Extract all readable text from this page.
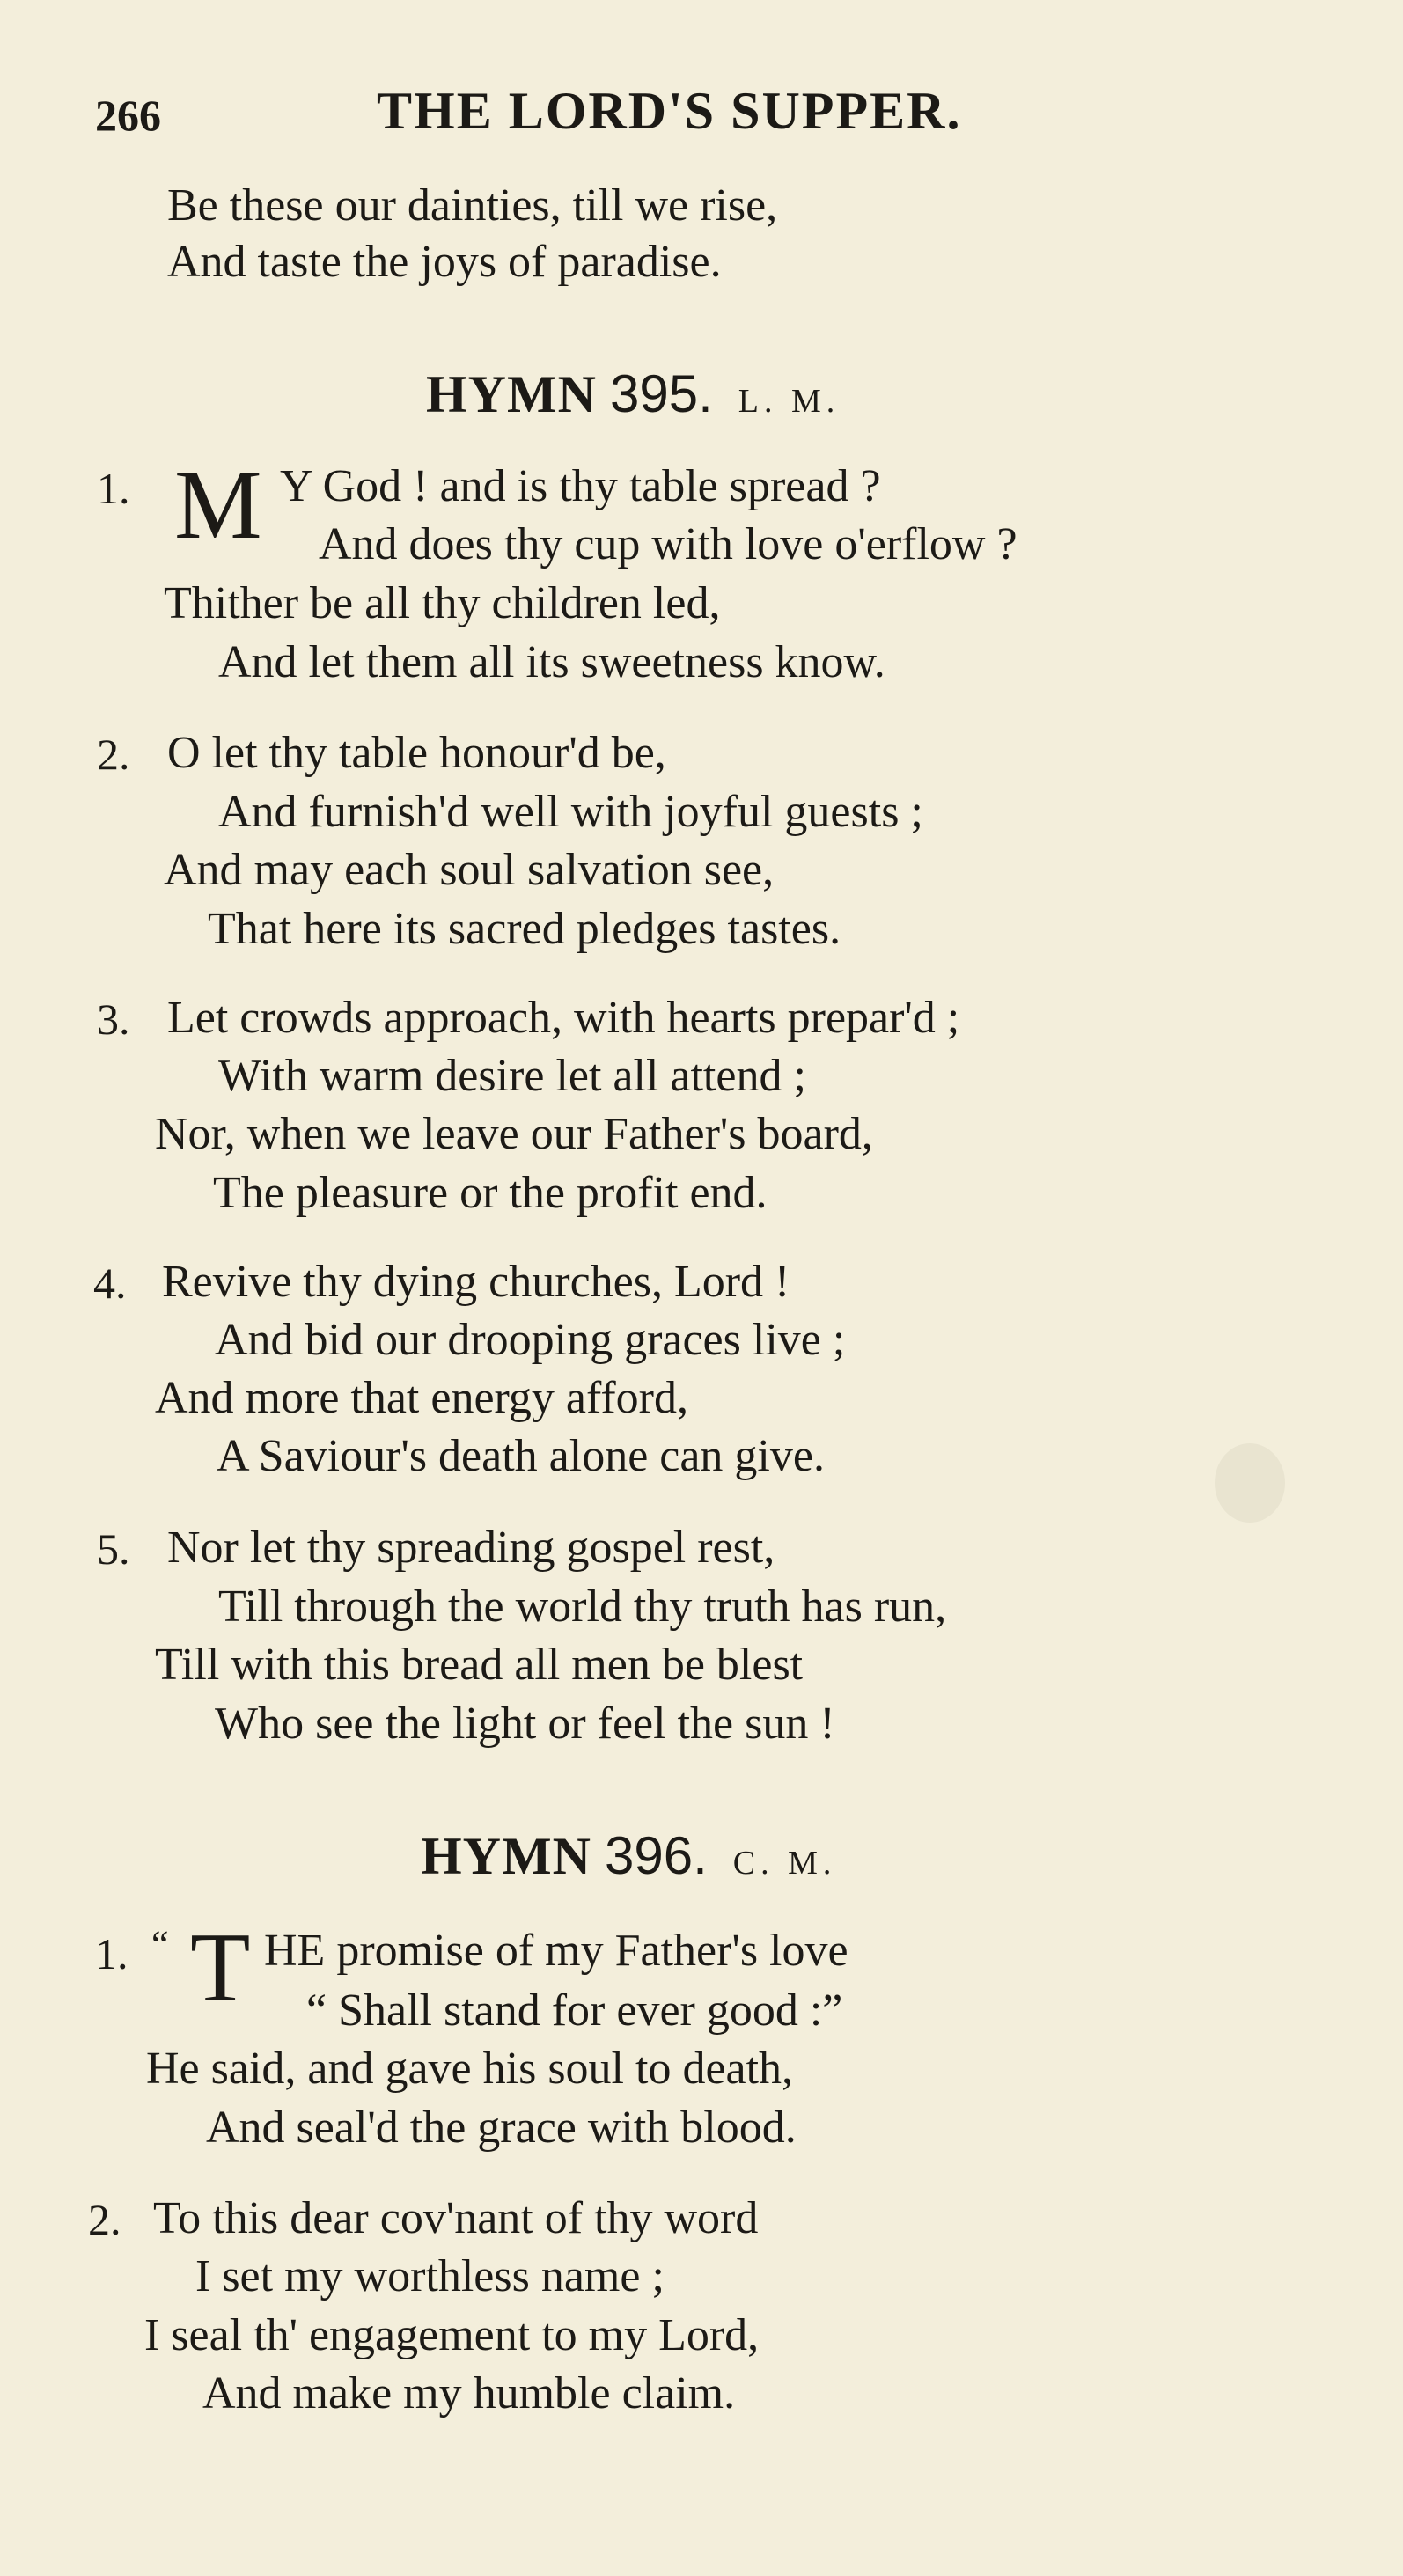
266	THE LORD'S SUPPER.
Be these our dainties, till we rise,
And taste the joys of paradise.
HYMN 395. L. M.
1. M Y God ! and is thy table spread ?
And does thy cup with love o'erflow ?
Thither be all thy children led,
And let them all its sweetness know.
2. O let thy table honour'd be,
And furnish'd well with joyful guests ;
And may each soul salvation see,
That here its sacred pledges tastes.
3. Let crowds approach, with hearts prepar'd ;
With warm desire let all attend ;
Nor, when we leave our Father's board,
The pleasure or the profit end.
4. Revive thy dying churches, Lord !
And bid our drooping graces live ;
And more that energy afford,
A Saviour's death alone can give.
5. Nor let thy spreading gospel rest,
Till through the world thy truth has run,
Till with this bread all men be blest
Who see the light or feel the sun !
HYMN 396. C. M.
1. “ T HE promise of my Father's love
“ Shall stand for ever good :”
He said, and gave his soul to death,
And seal'd the grace with blood.
2. To this dear cov'nant of thy word
I set my worthless name ;
I seal th' engagement to my Lord,
And make my humble claim.
